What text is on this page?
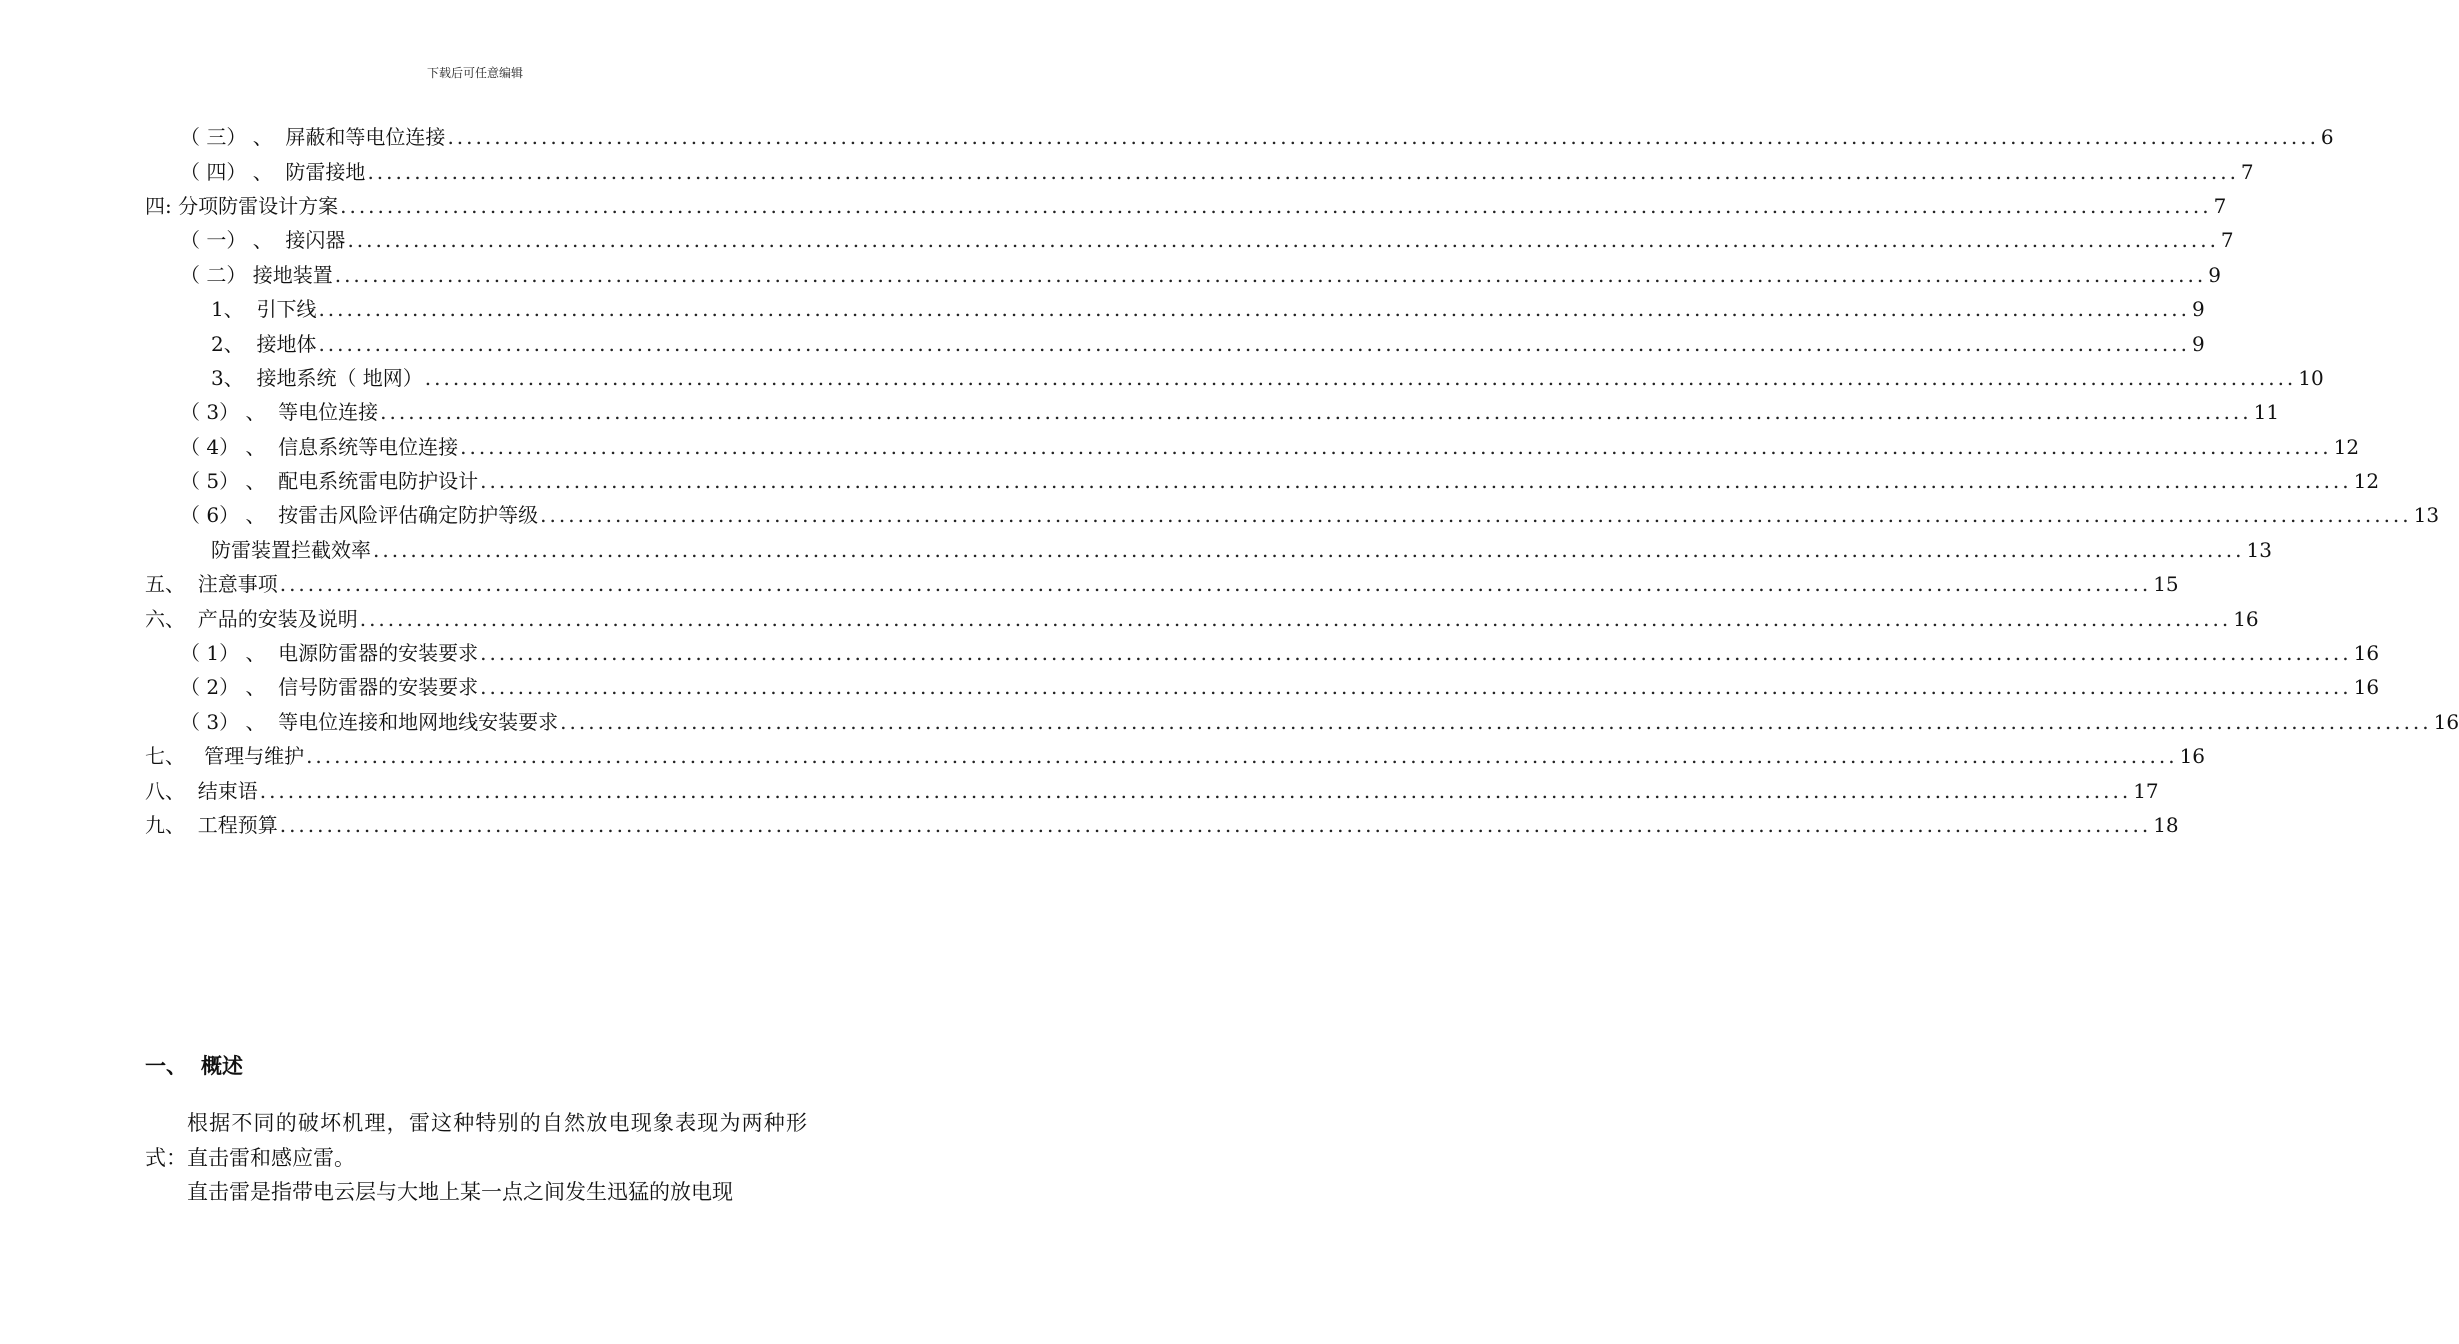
下载后可任意编辑
（ 三） 、  屏蔽和等电位连接 ........................................................................................................................................................................................................ 6
（ 四） 、  防雷接地 ........................................................................................................................................................................................................ 7
四: 分项防雷设计方案 ........................................................................................................................................................................................................ 7
（ 一） 、  接闪器 ........................................................................................................................................................................................................ 7
（ 二） 接地装置 ........................................................................................................................................................................................................ 9
1、  引下线 ........................................................................................................................................................................................................ 9
2、  接地体 ........................................................................................................................................................................................................ 9
3、  接地系统（ 地网） ........................................................................................................................................................................................................ 10
（ 3） 、  等电位连接 ........................................................................................................................................................................................................ 11
（ 4） 、  信息系统等电位连接 ........................................................................................................................................................................................................ 12
（ 5） 、  配电系统雷电防护设计 ........................................................................................................................................................................................................ 12
（ 6） 、  按雷击风险评估确定防护等级 ........................................................................................................................................................................................................ 13
防雷装置拦截效率 ........................................................................................................................................................................................................ 13
五、  注意事项 ........................................................................................................................................................................................................ 15
六、  产品的安装及说明 ........................................................................................................................................................................................................ 16
（ 1） 、  电源防雷器的安装要求 ........................................................................................................................................................................................................ 16
（ 2） 、  信号防雷器的安装要求 ........................................................................................................................................................................................................ 16
（ 3） 、  等电位连接和地网地线安装要求 ........................................................................................................................................................................................................ 16
七、   管理与维护 ........................................................................................................................................................................................................ 16
八、  结束语 ........................................................................................................................................................................................................ 17
九、  工程预算 ........................................................................................................................................................................................................ 18
一、 概述

根据不同的破坏机理，雷这种特别的自然放电现象表现为两种形式：直击雷和感应雷。

直击雷是指带电云层与大地上某一点之间发生迅猛的放电现
